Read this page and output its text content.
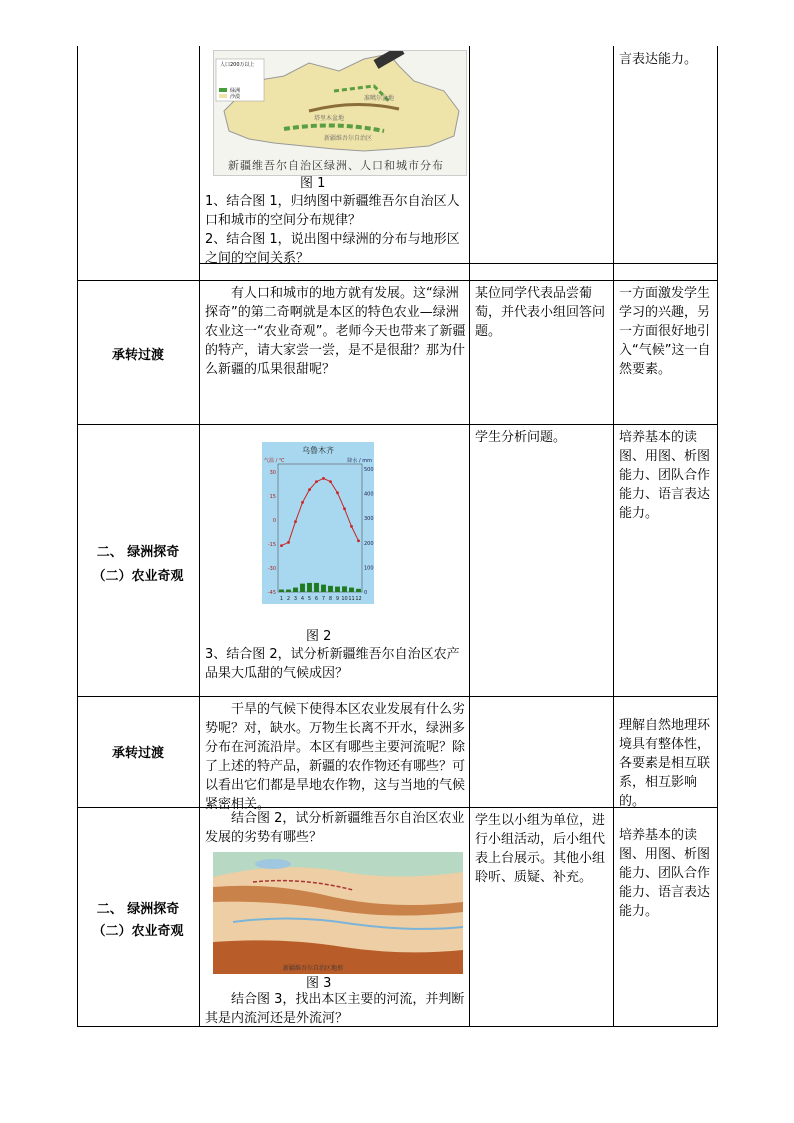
人口200万以上
绿洲
沙漠
塔里木盆地
准噶尔盆地
新疆维吾尔自治区
新疆维吾尔自治区绿洲、人口和城市分布
图 1
1、结合图 1，归纳图中新疆维吾尔自治区人口和城市的空间分布规律？
2、结合图 1，说出图中绿洲的分布与地形区之间的空间关系？
言表达能力。
承转过渡
有人口和城市的地方就有发展。这“绿洲探奇”的第二奇啊就是本区的特色农业—绿洲农业这一“农业奇观”。老师今天也带来了新疆的特产，请大家尝一尝，是不是很甜？那为什么新疆的瓜果很甜呢？
某位同学代表品尝葡萄，并代表小组回答问题。
一方面激发学生学习的兴趣，另一方面很好地引入“气候”这一自然要素。
二、 绿洲探奇
（二）农业奇观
乌鲁木齐
气温 / ℃	降水 / mm
30
15
0
-15
-30
-45
500
400
300
200
100
0
1 2 3 4 5 6 7 8 9 10 11 12
图 2
3、结合图 2，试分析新疆维吾尔自治区农产品果大瓜甜的气候成因？
学生分析问题。	培养基本的读图、用图、析图能力、团队合作能力、语言表达能力。
承转过渡
干旱的气候下使得本区农业发展有什么劣势呢？对，缺水。万物生长离不开水，绿洲多分布在河流沿岸。本区有哪些主要河流呢？除了上述的特产品，新疆的农作物还有哪些？可以看出它们都是旱地农作物，这与当地的气候紧密相关。
理解自然地理环境具有整体性，各要素是相互联系，相互影响的。
二、 绿洲探奇
（二）农业奇观
结合图 2，试分析新疆维吾尔自治区农业发展的劣势有哪些？
新疆维吾尔自治区地形
图 3
结合图 3，找出本区主要的河流，并判断其是内流河还是外流河？
学生以小组为单位，进行小组活动，后小组代表上台展示。其他小组聆听、质疑、补充。
培养基本的读图、用图、析图能力、团队合作能力、语言表达能力。
